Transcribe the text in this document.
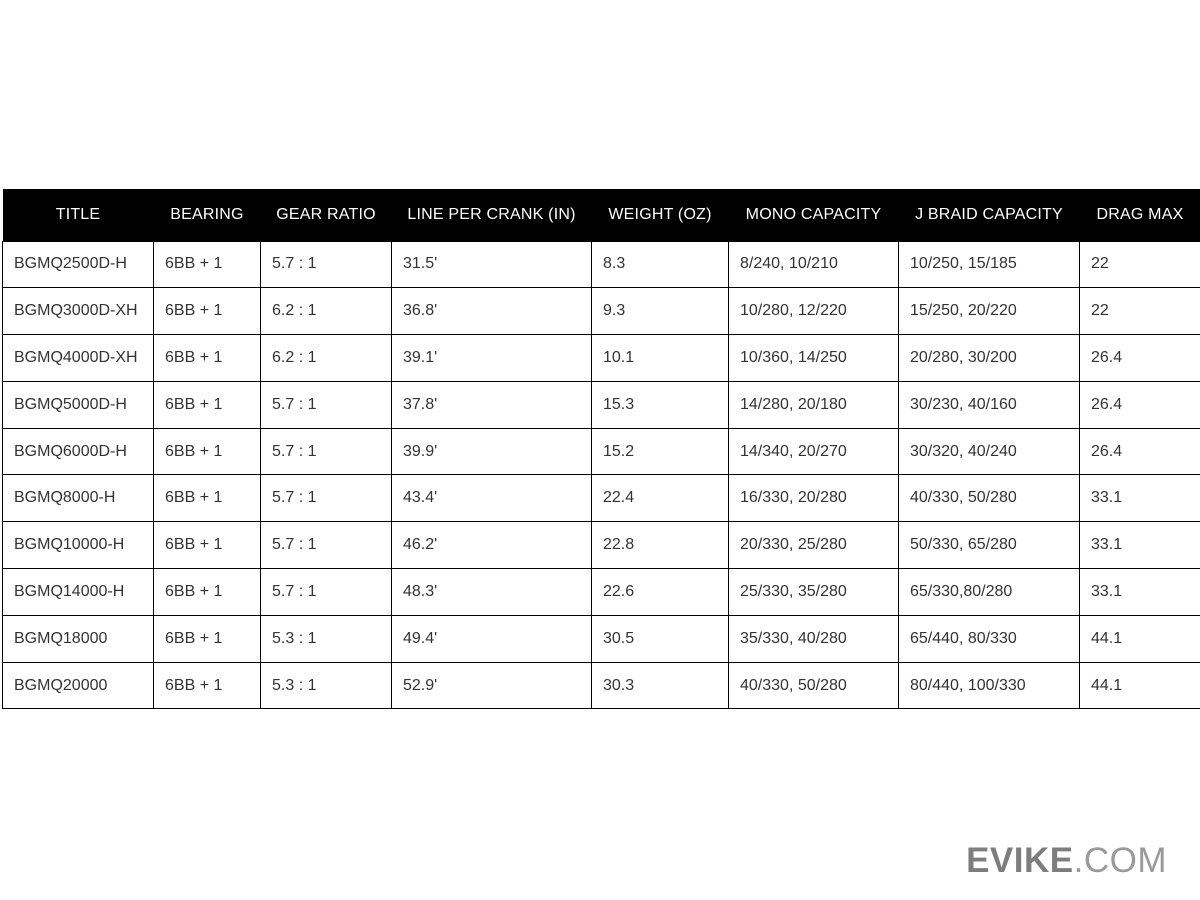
TITLE	BEARING	GEAR RATIO	LINE PER CRANK (IN)	WEIGHT (OZ)	MONO CAPACITY	J BRAID CAPACITY	DRAG MAX
BGMQ2500D-H	6BB + 1	5.7 : 1	31.5'	8.3	8/240, 10/210	10/250, 15/185	22
BGMQ3000D-XH	6BB + 1	6.2 : 1	36.8'	9.3	10/280, 12/220	15/250, 20/220	22
BGMQ4000D-XH	6BB + 1	6.2 : 1	39.1'	10.1	10/360, 14/250	20/280, 30/200	26.4
BGMQ5000D-H	6BB + 1	5.7 : 1	37.8'	15.3	14/280, 20/180	30/230, 40/160	26.4
BGMQ6000D-H	6BB + 1	5.7 : 1	39.9'	15.2	14/340, 20/270	30/320, 40/240	26.4
BGMQ8000-H	6BB + 1	5.7 : 1	43.4'	22.4	16/330, 20/280	40/330, 50/280	33.1
BGMQ10000-H	6BB + 1	5.7 : 1	46.2'	22.8	20/330, 25/280	50/330, 65/280	33.1
BGMQ14000-H	6BB + 1	5.7 : 1	48.3'	22.6	25/330, 35/280	65/330,80/280	33.1
BGMQ18000	6BB + 1	5.3 : 1	49.4'	30.5	35/330, 40/280	65/440, 80/330	44.1
BGMQ20000	6BB + 1	5.3 : 1	52.9'	30.3	40/330, 50/280	80/440, 100/330	44.1
EVIKE.COM
